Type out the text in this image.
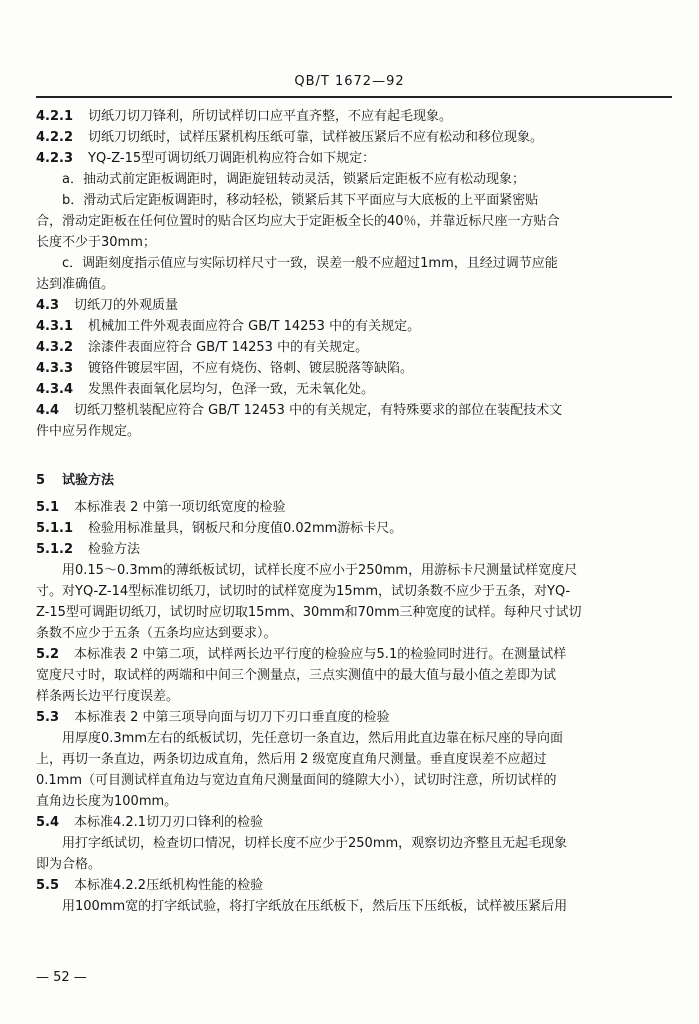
QB/T 1672—92
4.2.1 切纸刀切刀锋利，所切试样切口应平直齐整，不应有起毛现象。
4.2.2 切纸刀切纸时，试样压紧机构压纸可靠，试样被压紧后不应有松动和移位现象。
4.2.3 YQ-Z-15型可调切纸刀调距机构应符合如下规定：
a．抽动式前定距板调距时，调距旋钮转动灵活，锁紧后定距板不应有松动现象；
b．滑动式后定距板调距时，移动轻松，锁紧后其下平面应与大底板的上平面紧密贴
合，滑动定距板在任何位置时的贴合区均应大于定距板全长的40％，并靠近标尺座一方贴合
长度不少于30mm；
c．调距刻度指示值应与实际切样尺寸一致，误差一般不应超过1mm，且经过调节应能
达到准确值。
4.3 切纸刀的外观质量
4.3.1 机械加工件外观表面应符合 GB/T 14253 中的有关规定。
4.3.2 涂漆件表面应符合 GB/T 14253 中的有关规定。
4.3.3 镀铬件镀层牢固，不应有烧伤、铬刺、镀层脱落等缺陷。
4.3.4 发黑件表面氧化层均匀，色泽一致，无未氧化处。
4.4 切纸刀整机装配应符合 GB/T 12453 中的有关规定，有特殊要求的部位在装配技术文
件中应另作规定。
5 试验方法
5.1 本标准表 2 中第一项切纸宽度的检验
5.1.1 检验用标准量具，钢板尺和分度值0.02mm游标卡尺。
5.1.2 检验方法
用0.15～0.3mm的薄纸板试切，试样长度不应小于250mm，用游标卡尺测量试样宽度尺
寸。对YQ-Z-14型标准切纸刀，试切时的试样宽度为15mm，试切条数不应少于五条，对YQ-
Z-15型可调距切纸刀，试切时应切取15mm、30mm和70mm三种宽度的试样。每种尺寸试切
条数不应少于五条（五条均应达到要求）。
5.2 本标准表 2 中第二项，试样两长边平行度的检验应与5.1的检验同时进行。在测量试样
宽度尺寸时，取试样的两端和中间三个测量点，三点实测值中的最大值与最小值之差即为试
样条两长边平行度误差。
5.3 本标准表 2 中第三项导向面与切刀下刃口垂直度的检验
用厚度0.3mm左右的纸板试切，先任意切一条直边，然后用此直边靠在标尺座的导向面
上，再切一条直边，两条切边成直角，然后用 2 级宽度直角尺测量。垂直度误差不应超过
0.1mm（可目测试样直角边与宽边直角尺测量面间的缝隙大小），试切时注意，所切试样的
直角边长度为100mm。
5.4 本标准4.2.1切刀刃口锋利的检验
用打字纸试切，检查切口情况，切样长度不应少于250mm，观察切边齐整且无起毛现象
即为合格。
5.5 本标准4.2.2压纸机构性能的检验
用100mm宽的打字纸试验，将打字纸放在压纸板下，然后压下压纸板，试样被压紧后用
— 52 —
